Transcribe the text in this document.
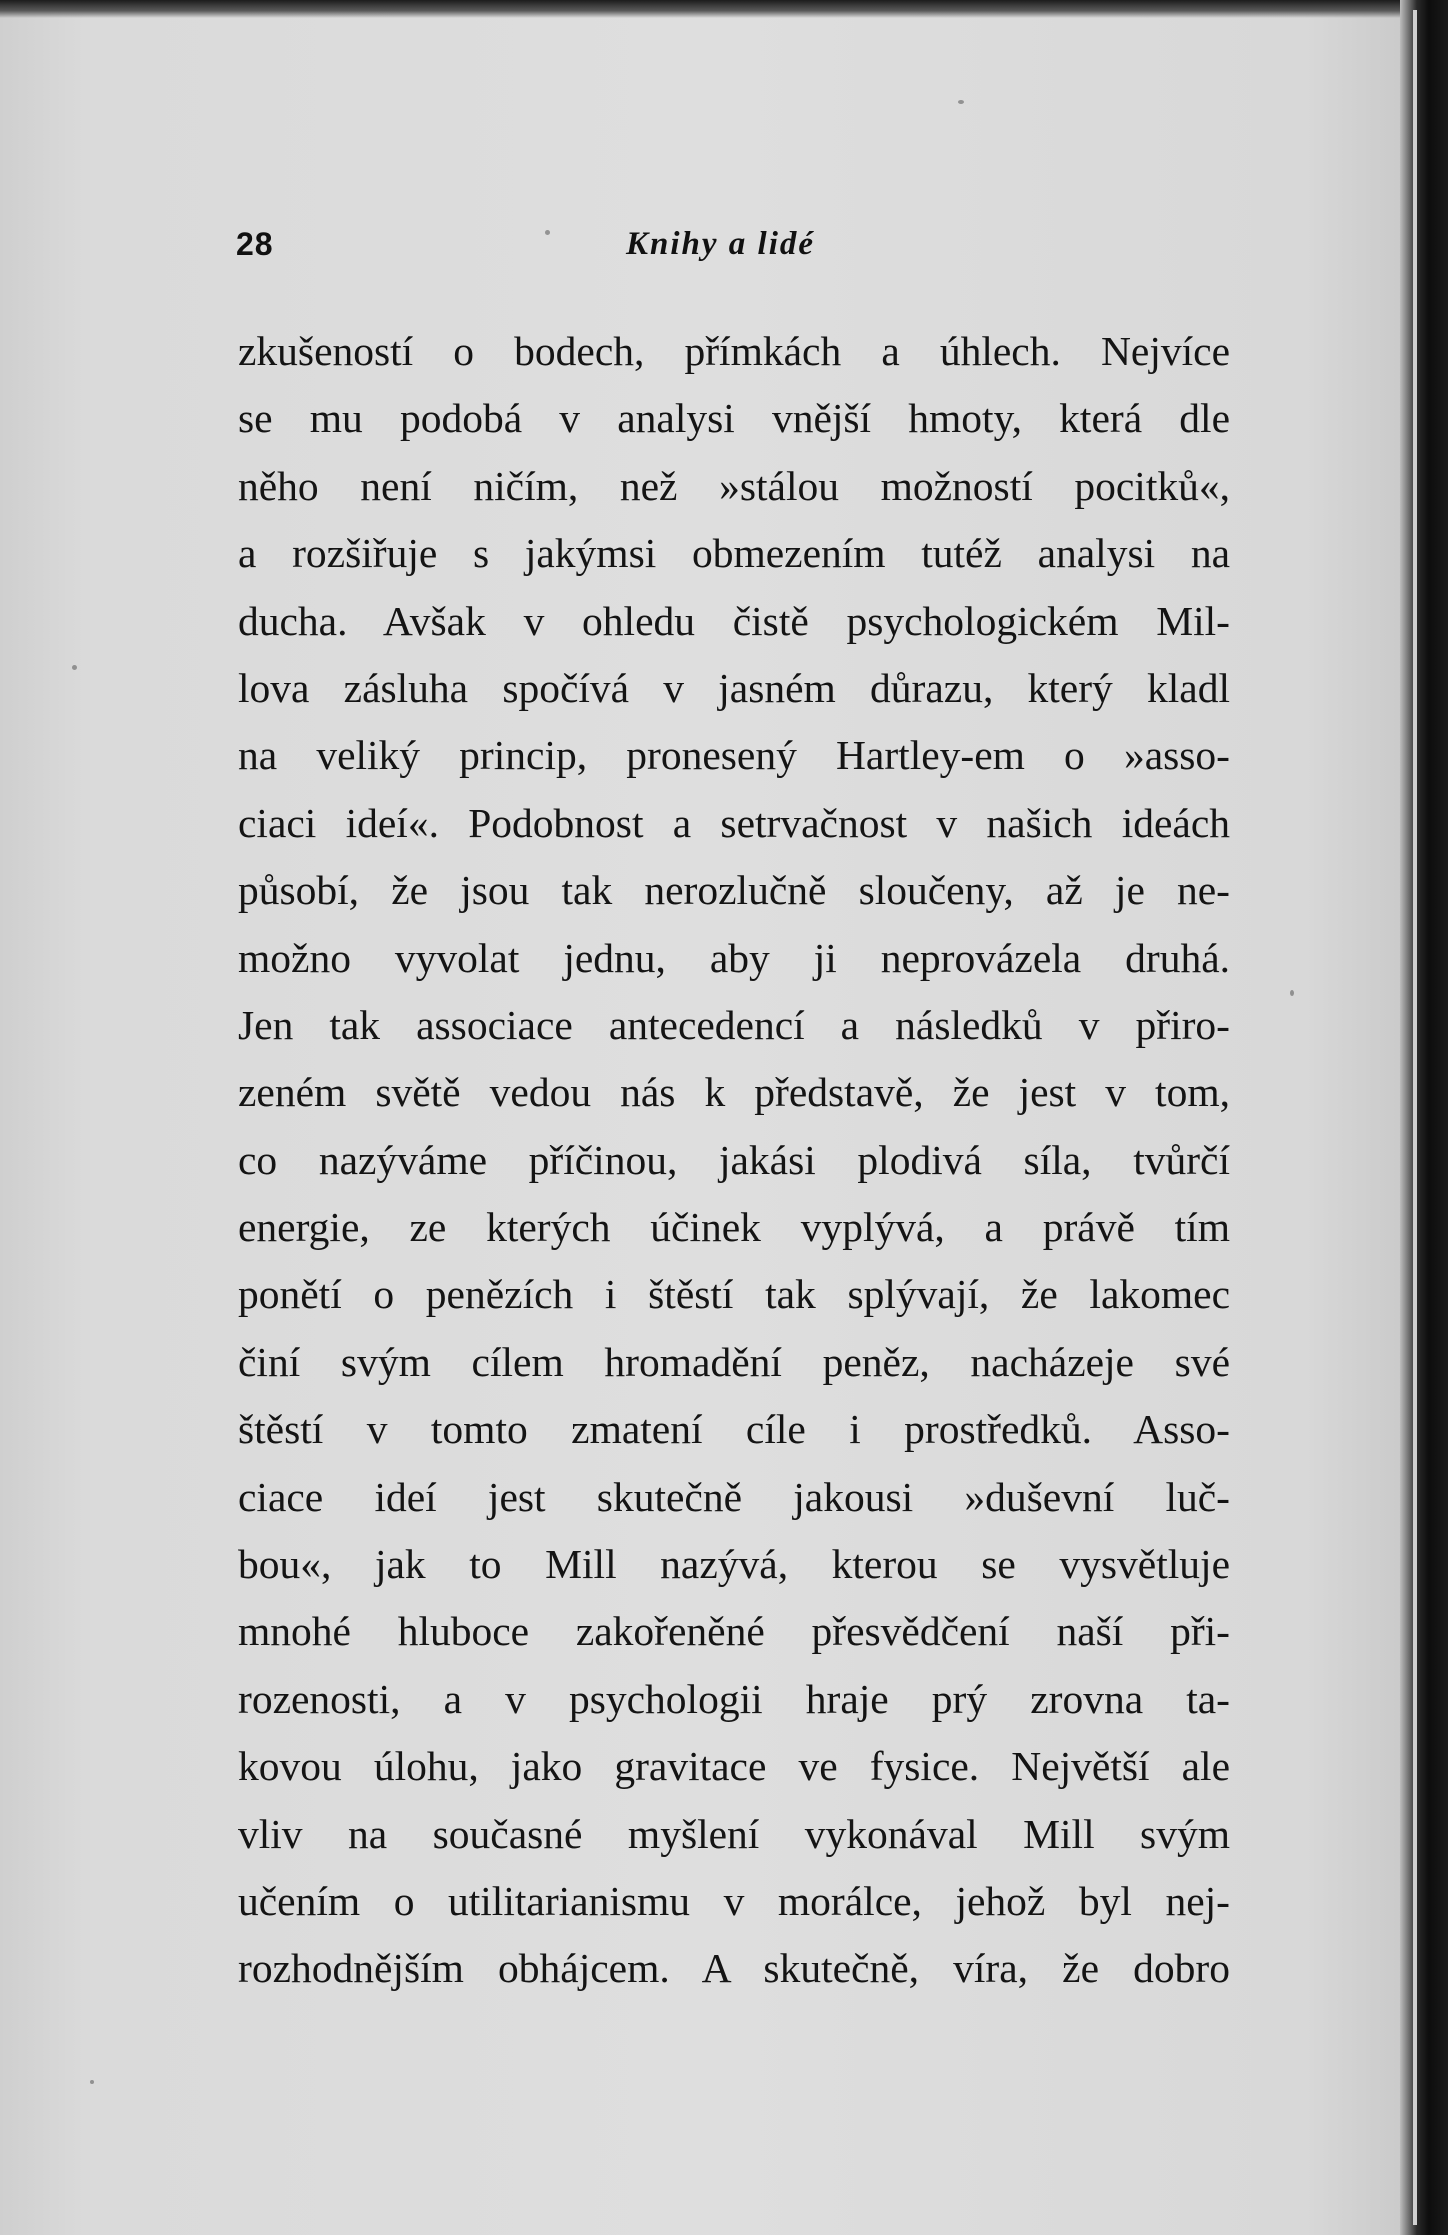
28	Knihy a lidé
zkušeností o bodech, přímkách a úhlech. Nejvíce
se mu podobá v analysi vnější hmoty, která dle
něho není ničím, než »stálou možností pocitků«,
a rozšiřuje s jakýmsi obmezením tutéž analysi na
ducha. Avšak v ohledu čistě psychologickém Mil-
lova zásluha spočívá v jasném důrazu, který kladl
na veliký princip, pronesený Hartley-em o »asso-
ciaci ideí«. Podobnost a setrvačnost v našich ideách
působí, že jsou tak nerozlučně sloučeny, až je ne-
možno vyvolat jednu, aby ji neprovázela druhá.
Jen tak associace antecedencí a následků v přiro-
zeném světě vedou nás k představě, že jest v tom,
co nazýváme příčinou, jakási plodivá síla, tvůrčí
energie, ze kterých účinek vyplývá, a právě tím
ponětí o penězích i štěstí tak splývají, že lakomec
činí svým cílem hromadění peněz, nacházeje své
štěstí v tomto zmatení cíle i prostředků. Asso-
ciace ideí jest skutečně jakousi »duševní luč-
bou«, jak to Mill nazývá, kterou se vysvětluje
mnohé hluboce zakořeněné přesvědčení naší při-
rozenosti, a v psychologii hraje prý zrovna ta-
kovou úlohu, jako gravitace ve fysice. Největší ale
vliv na současné myšlení vykonával Mill svým
učením o utilitarianismu v morálce, jehož byl nej-
rozhodnějším obhájcem. A skutečně, víra, že dobro
